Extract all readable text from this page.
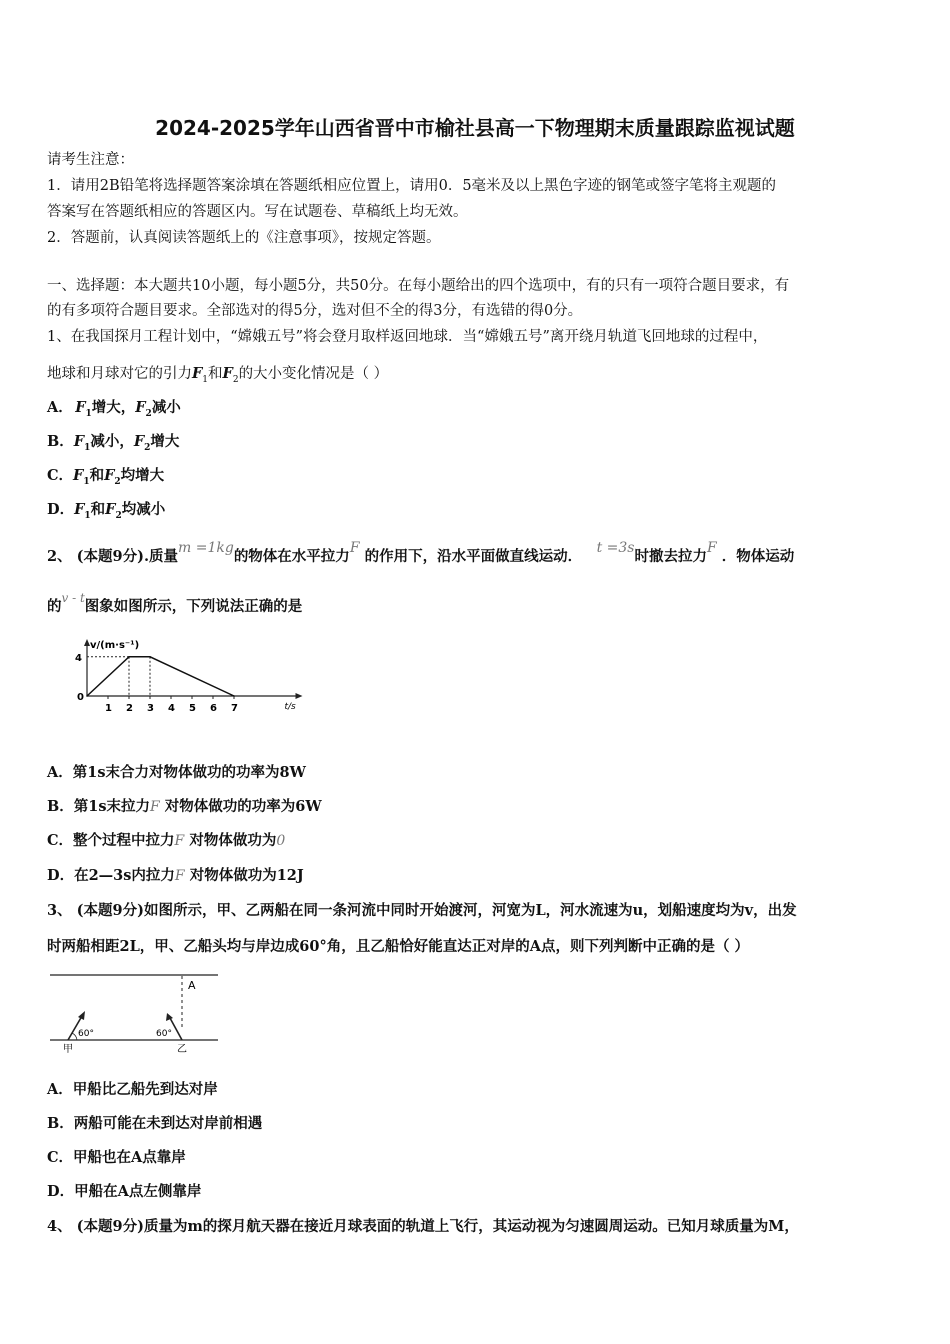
2024-2025学年山西省晋中市榆社县高一下物理期末质量跟踪监视试题
请考生注意：
1．请用2B铅笔将选择题答案涂填在答题纸相应位置上，请用0．5毫米及以上黑色字迹的钢笔或签字笔将主观题的
答案写在答题纸相应的答题区内。写在试题卷、草稿纸上均无效。
2．答题前，认真阅读答题纸上的《注意事项》，按规定答题。
一、选择题：本大题共10小题，每小题5分，共50分。在每小题给出的四个选项中，有的只有一项符合题目要求，有
的有多项符合题目要求。全部选对的得5分，选对但不全的得3分，有选错的得0分。
1、在我国探月工程计划中，“嫦娥五号”将会登月取样返回地球．当“嫦娥五号”离开绕月轨道飞回地球的过程中，
地球和月球对它的引力$F_1$和$F_2$的大小变化情况是（ ）
A．  $F_1$增大，$F_2$减小
B．$F_1$减小，$F_2$增大
C．$F_1$和$F_2$均增大
D．$F_1$和$F_2$均减小
2、 (本题9分).质量m =1kg的物体在水平拉力F 的作用下，沿水平面做直线运动．  t =3s时撤去拉力F ．物体运动
的$^{v - t}$图象如图所示，下列说法正确的是
v/(m·s⁻¹)
t/s
0
1 2 3 4 5 6 7
4
A．第1s末合力对物体做功的功率为8W
B．第1s末拉力F 对物体做功的功率为6W
C．整个过程中拉力F 对物体做功为0
D．在2—3s内拉力F 对物体做功为12J
3、 (本题9分)如图所示，甲、乙两船在同一条河流中同时开始渡河，河宽为L，河水流速为u，划船速度均为v，出发
时两船相距2L，甲、乙船头均与岸边成60°角，且乙船恰好能直达正对岸的A点，则下列判断中正确的是（ ）
A
60°	60°
甲	乙
A．甲船比乙船先到达对岸
B．两船可能在未到达对岸前相遇
C．甲船也在A点靠岸
D．甲船在A点左侧靠岸
4、 (本题9分)质量为m的探月航天器在接近月球表面的轨道上飞行，其运动视为匀速圆周运动。已知月球质量为M，
